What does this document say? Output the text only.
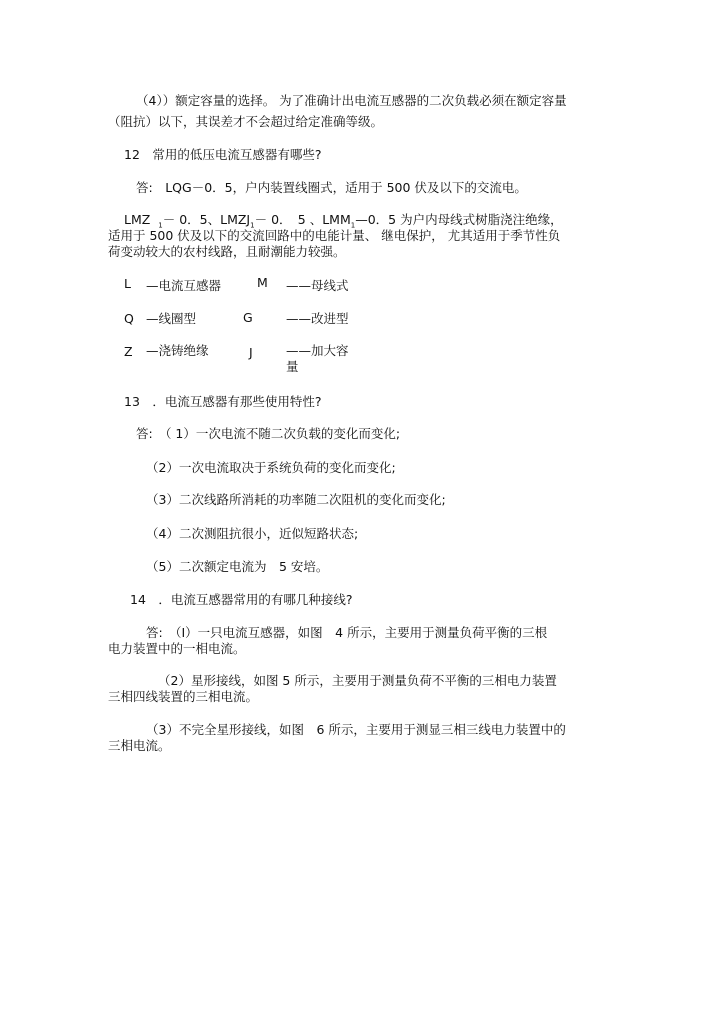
（4））额定容量的选择。 为了准确计出电流互感器的二次负载必须在额定容量
（阻抗）以下，其误差才不会超过给定准确等级。
12　常用的低压电流互感器有哪些?
答:　LQG－0．5，户内装置线圈式，适用于 500 伏及以下的交流电。
LMZ $_1$－ 0．5、$LMZJ_1- 0$．　5 、$LMM_1—0$．5 为户内母线式树脂浇注绝缘，
适用于 500 伏及以下的交流回路中的电能计量、 继电保护， 尤其适用于季节性负
荷变动较大的农村线路，且耐潮能力较强。
L —电流互感器	M ——母线式
Q —线圈型	G	——改进型
Z —浇铸绝缘	J	——加大容
量
13　．电流互感器有那些使用特性?
答:　（ 1）一次电流不随二次负载的变化而变化;
（2）一次电流取决于系统负荷的变化而变化;
（3）二次线路所消耗的功率随二次阻机的变化而变化;
（4）二次测阻抗很小，近似短路状态;
（5）二次额定电流为　5 安培。
14　．电流互感器常用的有哪几种接线?
答:　（I）一只电流互感器，如图　4 所示，主要用于测量负荷平衡的三根
电力装置中的一相电流。
（2）星形接线，如图 5 所示，主要用于测量负荷不平衡的三相电力装置
三相四线装置的三相电流。
（3）不完全星形接线，如图　6 所示，主要用于测显三相三线电力装置中的
三相电流。
